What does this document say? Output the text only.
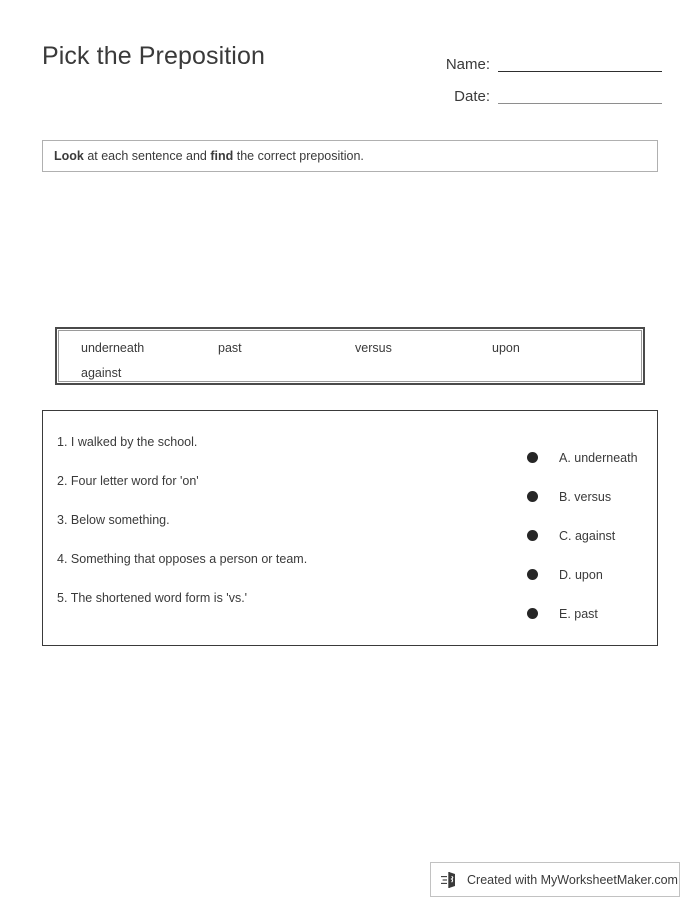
Pick the Preposition	Name:
Date:
Look at each sentence and find the correct preposition.
underneath	past	versus	upon
against
1. I walked by the school.
2. Four letter word for 'on'
3. Below something.
4. Something that opposes a person or team.
5. The shortened word form is 'vs.'
A. underneath
B. versus
C. against
D. upon
E. past
Created with MyWorksheetMaker.com
